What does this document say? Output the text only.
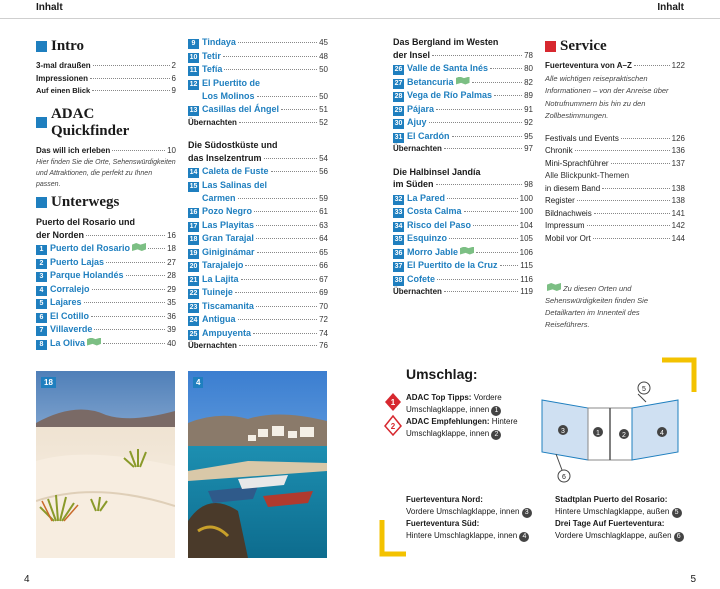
Inhalt	Inhalt
Intro
3-mal draußen	2
Impressionen	6
Auf einen Blick	9
ADAC Quickfinder
Das will ich erleben	10
Hier finden Sie die Orte, Sehenswürdigkeiten und Attraktionen, die perfekt zu Ihnen passen.
Unterwegs
Puerto del Rosario und
der Norden	16
1 Puerto del Rosario	18
2 Puerto Lajas	27
3 Parque Holandés	28
4 Corralejo	29
5 Lajares	35
6 El Cotillo	36
7 Villaverde	39
8 La Oliva	40
9 Tindaya	45
10 Tetir	48
11 Tefía	50
12 El Puertito de
Los Molinos	50
13 Casillas del Ángel	51
Übernachten	52
Die Südostküste und
das Inselzentrum	54
14 Caleta de Fuste	56
15 Las Salinas del
Carmen	59
16 Pozo Negro	61
17 Las Playitas	63
18 Gran Tarajal	64
19 Giniginámar	65
20 Tarajalejo	66
21 La Lajita	67
22 Tuineje	69
23 Tiscamanita	70
24 Antigua	72
25 Ampuyenta	74
Übernachten	76
Das Bergland im Westen
der Insel	78
26 Valle de Santa Inés	80
27 Betancuria	82
28 Vega de Río Palmas	89
29 Pájara	91
30 Ajuy	92
31 El Cardón	95
Übernachten	97
Die Halbinsel Jandía
im Süden	98
32 La Pared	100
33 Costa Calma	100
34 Risco del Paso	104
35 Esquinzo	105
36 Morro Jable	106
37 El Puertito de la Cruz	115
38 Cofete	116
Übernachten	119
Service
Fuerteventura von A–Z	122
Alle wichtigen reisepraktischen Informationen – von der Anreise über Notrufnummern bis hin zu den Zollbestimmungen.
Festivals und Events	126
Chronik	136
Mini-Sprachführer	137
Alle Blickpunkt-Themen
in diesem Band	138
Register	138
Bildnachweis	141
Impressum	142
Mobil vor Ort	144
Zu diesen Orten und Sehenswürdigkeiten finden Sie Detailkarten im Innenteil des Reiseführers.
18	4
Umschlag:
1
2
ADAC Top Tipps: Vordere Umschlagklappe, innen 1
ADAC Empfehlungen: Hintere Umschlagklappe, innen 2	3	1	2	4
5
6
Fuerteventura Nord:
Vordere Umschlagklappe, innen 3
Fuerteventura Süd:
Hintere Umschlagklappe, innen 4
Stadtplan Puerto del Rosario:
Hintere Umschlagklappe, außen 5
Drei Tage Auf Fuerteventura:
Vordere Umschlagklappe, außen 6
4	5
